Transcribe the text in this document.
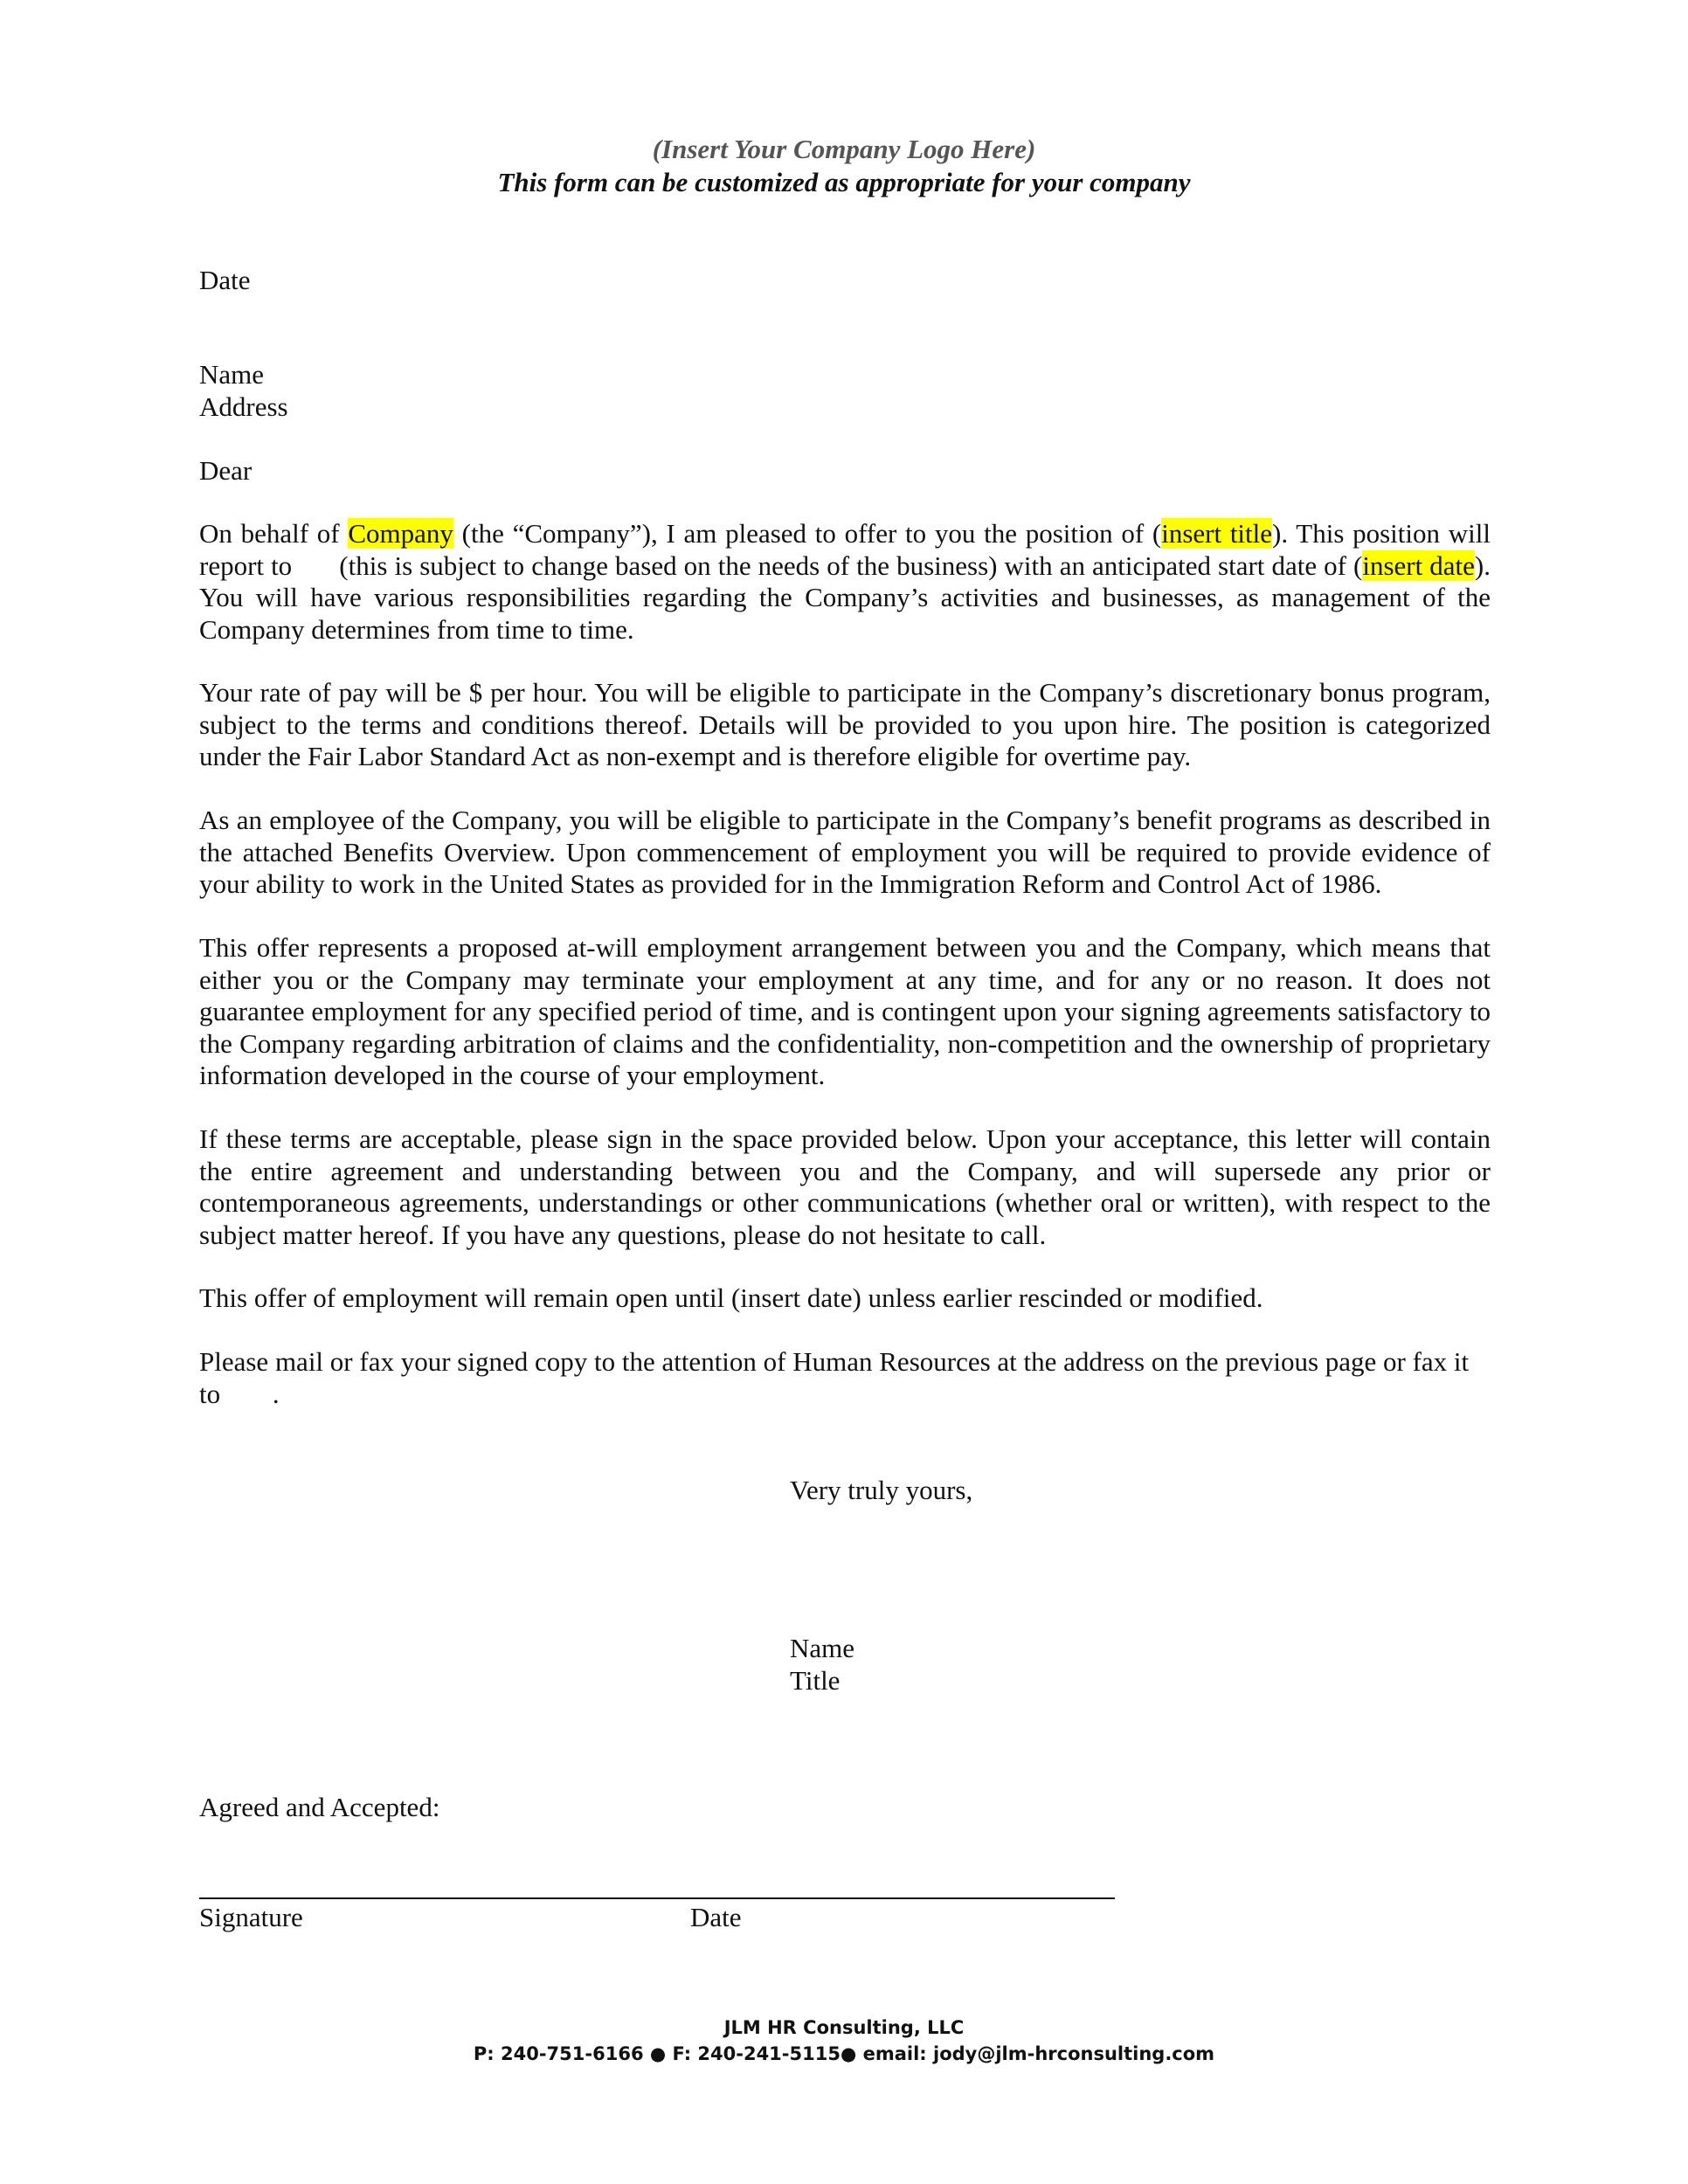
(Insert Your Company Logo Here)
This form can be customized as appropriate for your company
Date
Name
Address
Dear
On behalf of Company (the “Company”), I am pleased to offer to you the position of (insert title). This position will report to  (this is subject to change based on the needs of the business) with an anticipated start date of (insert date). You will have various responsibilities regarding the Company’s activities and businesses, as management of the Company determines from time to time.
Your rate of pay will be $ per hour. You will be eligible to participate in the Company’s discretionary bonus program, subject to the terms and conditions thereof. Details will be provided to you upon hire. The position is categorized under the Fair Labor Standard Act as non-exempt and is therefore eligible for overtime pay.
As an employee of the Company, you will be eligible to participate in the Company’s benefit programs as described in the attached Benefits Overview. Upon commencement of employment you will be required to provide evidence of your ability to work in the United States as provided for in the Immigration Reform and Control Act of 1986.
This offer represents a proposed at-will employment arrangement between you and the Company, which means that either you or the Company may terminate your employment at any time, and for any or no reason. It does not guarantee employment for any specified period of time, and is contingent upon your signing agreements satisfactory to the Company regarding arbitration of claims and the confidentiality, non-competition and the ownership of proprietary information developed in the course of your employment.
If these terms are acceptable, please sign in the space provided below. Upon your acceptance, this letter will contain the entire agreement and understanding between you and the Company, and will supersede any prior or contemporaneous agreements, understandings or other communications (whether oral or written), with respect to the subject matter hereof. If you have any questions, please do not hesitate to call.
This offer of employment will remain open until (insert date) unless earlier rescinded or modified.
Please mail or fax your signed copy to the attention of Human Resources at the address on the previous page or fax it to .
Very truly yours,
Name
Title
Agreed and Accepted:
Signature	Date
JLM HR Consulting, LLC
P: 240-751-6166 ● F: 240-241-5115● email: jody@jlm-hrconsulting.com
